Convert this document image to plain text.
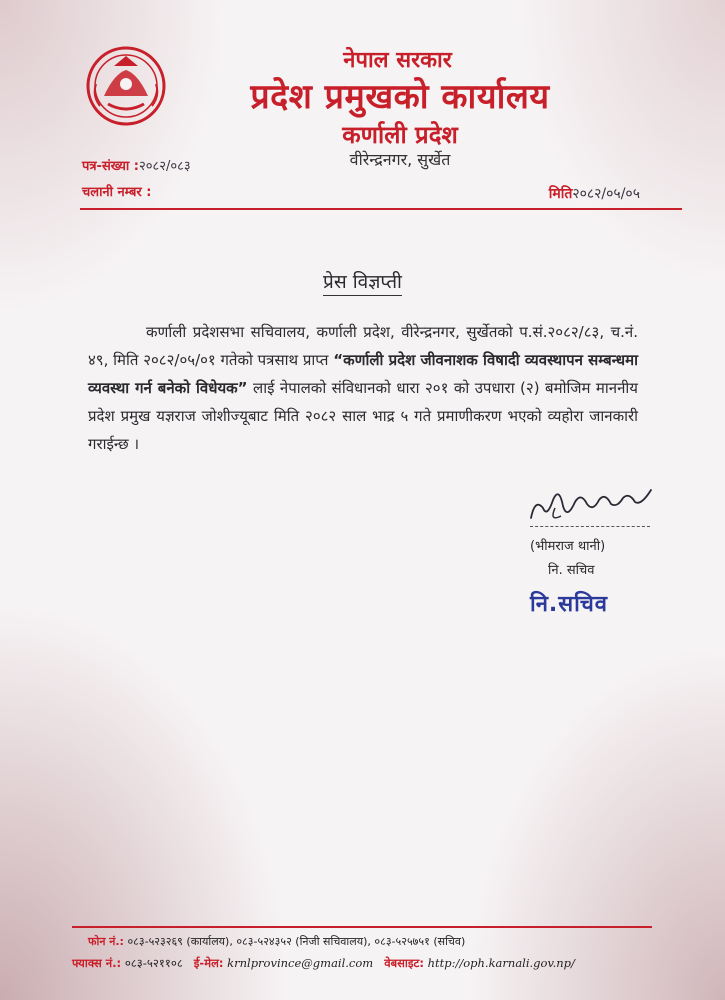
नेपाल सरकार
प्रदेश प्रमुखको कार्यालय
कर्णाली प्रदेश
वीरेन्द्रनगर, सुर्खेत
पत्र-संख्या :२०८२/०८३
चलानी नम्बर :	मिति२०८२/०५/०५
प्रेस विज्ञप्ती
कर्णाली प्रदेशसभा सचिवालय, कर्णाली प्रदेश, वीरेन्द्रनगर, सुर्खेतको प.सं.२०८२/८३, च.नं. ४९, मिति २०८२/०५/०१ गतेको पत्रसाथ प्राप्त “कर्णाली प्रदेश जीवनाशक विषादी व्यवस्थापन सम्बन्धमा व्यवस्था गर्न बनेको विधेयक” लाई नेपालको संविधानको धारा २०१ को उपधारा (२) बमोजिम माननीय प्रदेश प्रमुख यज्ञराज जोशीज्यूबाट मिति २०८२ साल भाद्र ५ गते प्रमाणीकरण भएको व्यहोरा जानकारी गराईन्छ ।
(भीमराज थानी)
नि. सचिव
नि.सचिव
फोन नं.: ०८३-५२३२६९ (कार्यालय), ०८३-५२४३५२ (निजी सचिवालय), ०८३-५२५७५१ (सचिव)
फ्याक्स नं.: ०८३-५२११०८ ई-मेल: krnlprovince@gmail.com वेबसाइट: http://oph.karnali.gov.np/
